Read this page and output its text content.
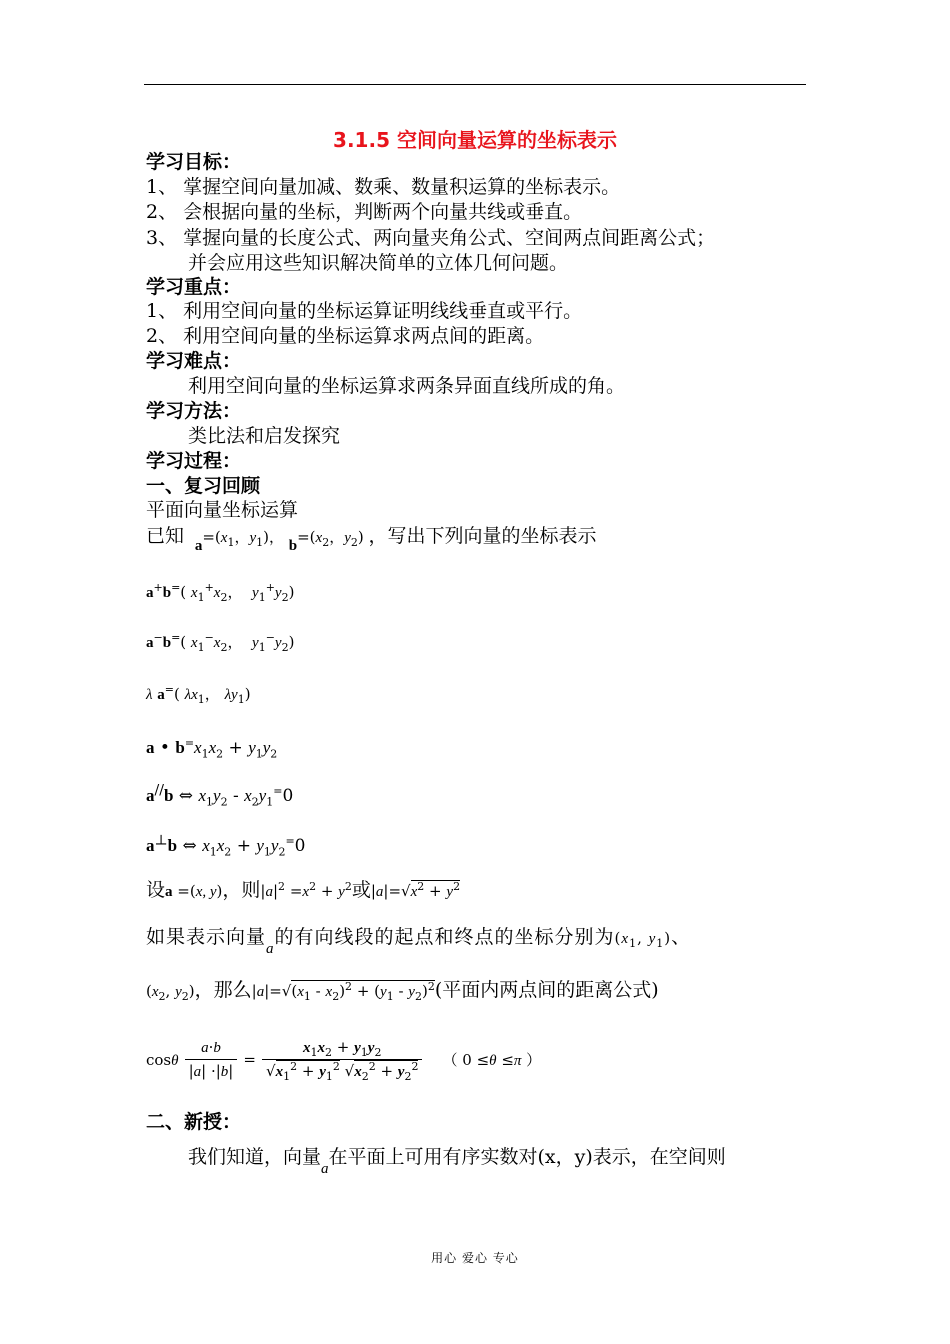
3.1.5 空间向量运算的坐标表示
学习目标：
1、 掌握空间向量加减、数乘、数量积运算的坐标表示。
2、 会根据向量的坐标，判断两个向量共线或垂直。
3、 掌握向量的长度公式、两向量夹角公式、空间两点间距离公式；
并会应用这些知识解决简单的立体几何问题。
学习重点：
1、 利用空间向量的坐标运算证明线线垂直或平行。
2、 利用空间向量的坐标运算求两点间的距离。
学习难点：
利用空间向量的坐标运算求两条异面直线所成的角。
学习方法：
类比法和启发探究
学习过程：
一、复习回顾
平面向量坐标运算
已知 $a=(x_1$，$y_1$)， $b=(x_2$，$y_2$) ，写出下列向量的坐标表示
a+b=( $x_1^+x_2$，  $y_1^+y_2$)
a−b=( $x_1^-x_2$，  $y_1^-y_2$)
λ a=( $\lambda x_1$， $\lambda y_1$)
a • $b^=x_1x_2 + y_1y_2$
a//b ⇔ $x_1y_2 - x_2y_1^=0$
a⊥b ⇔ $x_1x_2 + y_1y_2^=0$
设a =(x, y)，则$|a|^2 =x^2 + y^2$或$|a|=√x^2 + y^2$
如果表示向量$_a$的有向线段的起点和终点的坐标分别为($x_1$, $y_1$)、
($x_2$, $y_2$)，那么$|a|=√(x_1 - x_2)^2 + (y_1 - y_2)^2$(平面内两点间的距离公式)
cosθ $\frac{a\cdot b}{|a| \cdot|b|} = \frac{x_1x_2 + y_1y_2}{√x_1^2 + y_1^2 √x_2^2 + y_2^2}$ （ 0 ≤θ ≤π ）
二、新授：
我们知道，向量$_a$在平面上可用有序实数对(x，y)表示，在空间则
用心 爱心 专心
